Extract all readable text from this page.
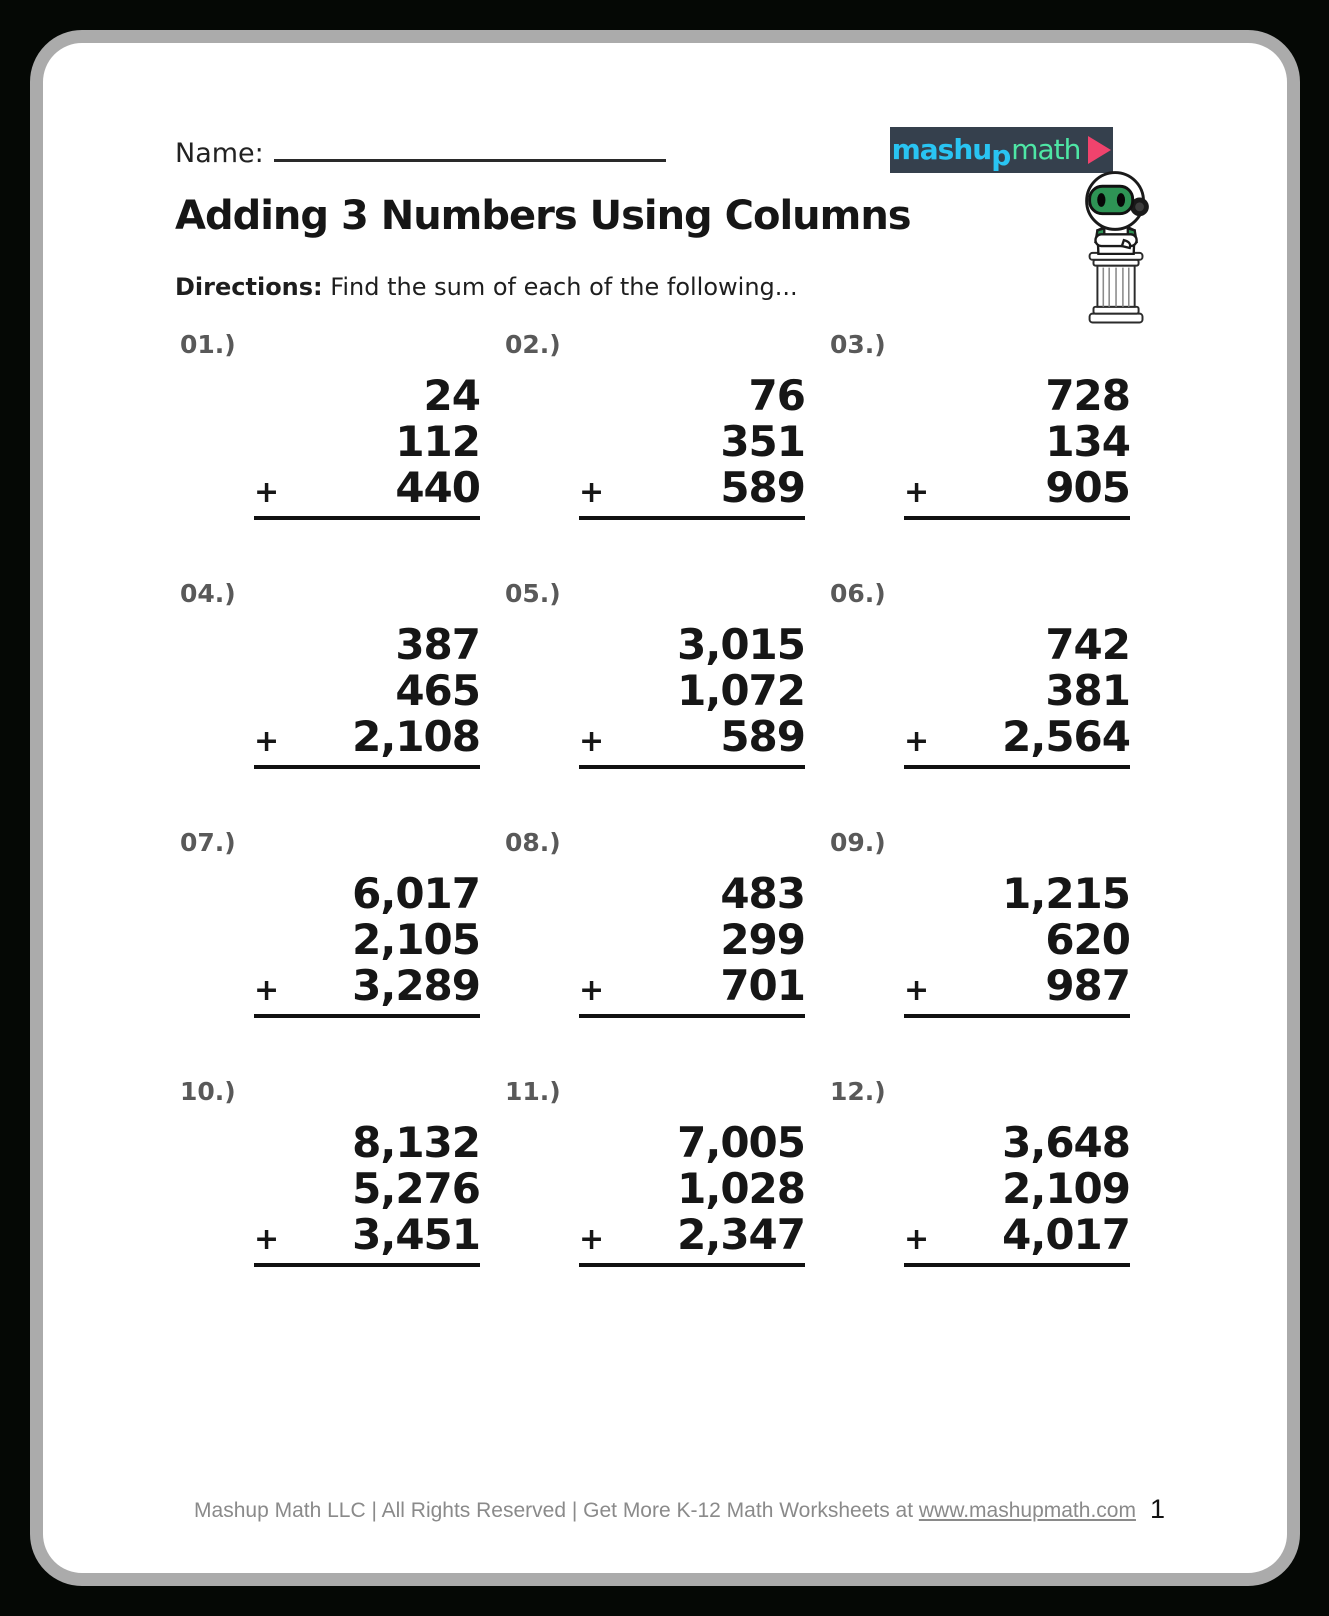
Name:	mashu p math
Adding 3 Numbers Using Columns
Directions: Find the sum of each of the following...
01.)
24
112
+	440
02.)
76
351
+	589
03.)
728
134
+	905
04.)
387
465
+ 2,108
05.)
3,015
1,072
+	589
06.)
742
381
+ 2,564
07.)
6,017
2,105
+ 3,289
08.)
483
299
+	701
09.)
1,215
620
+	987
10.)
8,132
5,276
+ 3,451
11.)
7,005
1,028
+ 2,347
12.)
3,648
2,109
+ 4,017
Mashup Math LLC | All Rights Reserved | Get More K-12 Math Worksheets at www.mashupmath.com 1
